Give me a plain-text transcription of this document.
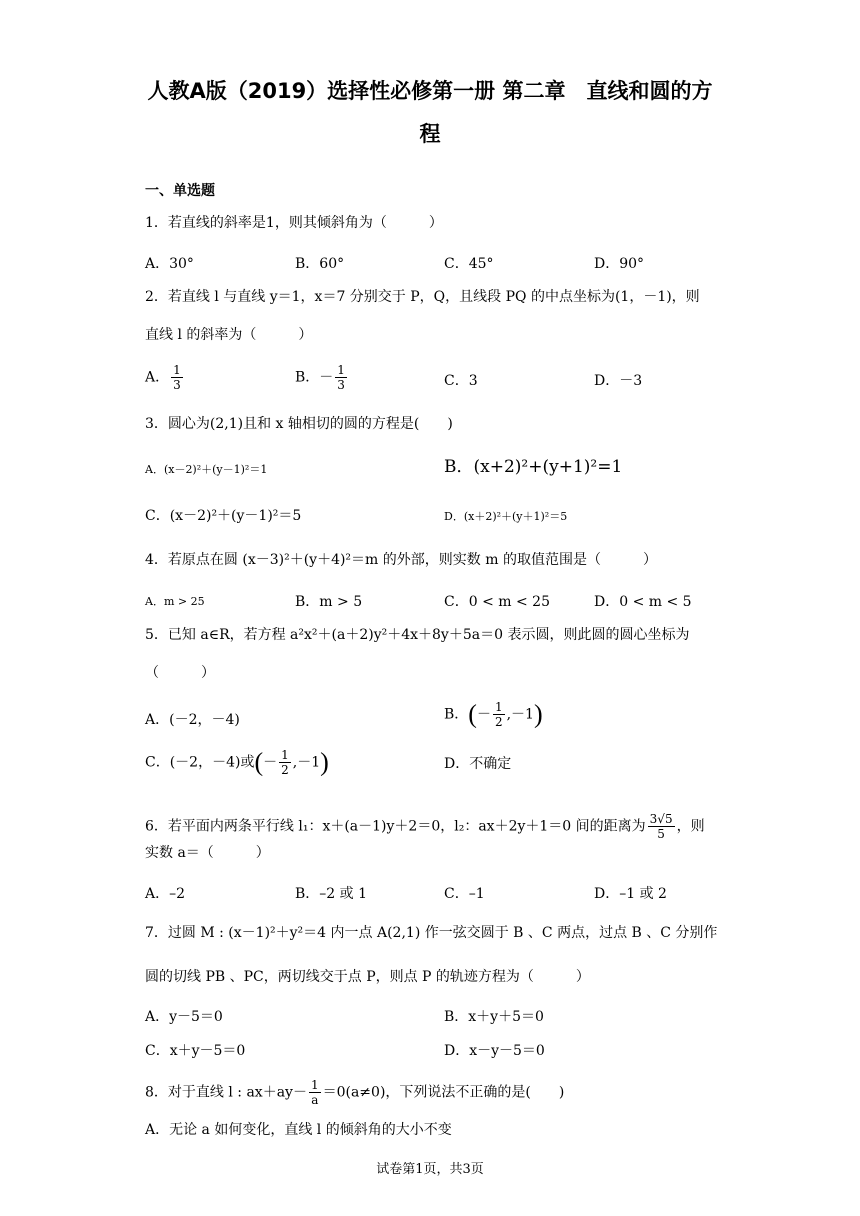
人教A版（2019）选择性必修第一册 第二章　直线和圆的方
程
一、单选题
1．若直线的斜率是1，则其倾斜角为（　　　）
A．30°	B．60°	C．45°	D．90°
2．若直线 l 与直线 y＝1，x＝7 分别交于 P，Q，且线段 PQ 的中点坐标为(1，－1)，则
直线 l 的斜率为（　　　）
A． $\frac{1}{3}$	B．－ $\frac{1}{3}$	C．3	D．－3
3．圆心为(2,1)且和 x 轴相切的圆的方程是(　　)
A．(x－2)²＋(y－1)²＝1	B．(x+2)²+(y+1)²=1
C．(x－2)²＋(y－1)²＝5	D．(x＋2)²＋(y＋1)²＝5
4．若原点在圆 (x－3)²＋(y＋4)²＝m 的外部，则实数 m 的取值范围是（　　　）
A．m > 25	B．m > 5	C．0 < m < 25	D．0 < m < 5
5．已知 a∈R，若方程 a²x²＋(a＋2)y²＋4x＋8y＋5a＝0 表示圆，则此圆的圆心坐标为
（　　　）
A．(－2，－4)	B．(－ $\frac{1}{2} ,-1$)
C．(－2，－4)或(－ $\frac{1}{2} ,-1$)	D．不确定
6．若平面内两条平行线 l₁：x＋(a－1)y＋2＝0，l₂：ax＋2y＋1＝0 间的距离为 $\frac{3√5}{5}$ ，则
实数 a＝（　　　）
A．–2	B．–2 或 1	C．–1	D．–1 或 2
7．过圆 M : (x－1)²＋y²＝4 内一点 A(2,1) 作一弦交圆于 B 、C 两点，过点 B 、C 分别作
圆的切线 PB 、PC，两切线交于点 P，则点 P 的轨迹方程为（　　　）
A．y－5＝0	B．x＋y＋5＝0
C．x＋y－5＝0	D．x－y－5＝0
8．对于直线 l : $ax+ay- \frac{1}{a} =0(a\ne 0)$，下列说法不正确的是(　　)
A．无论 a 如何变化，直线 l 的倾斜角的大小不变
试卷第1页，共3页
